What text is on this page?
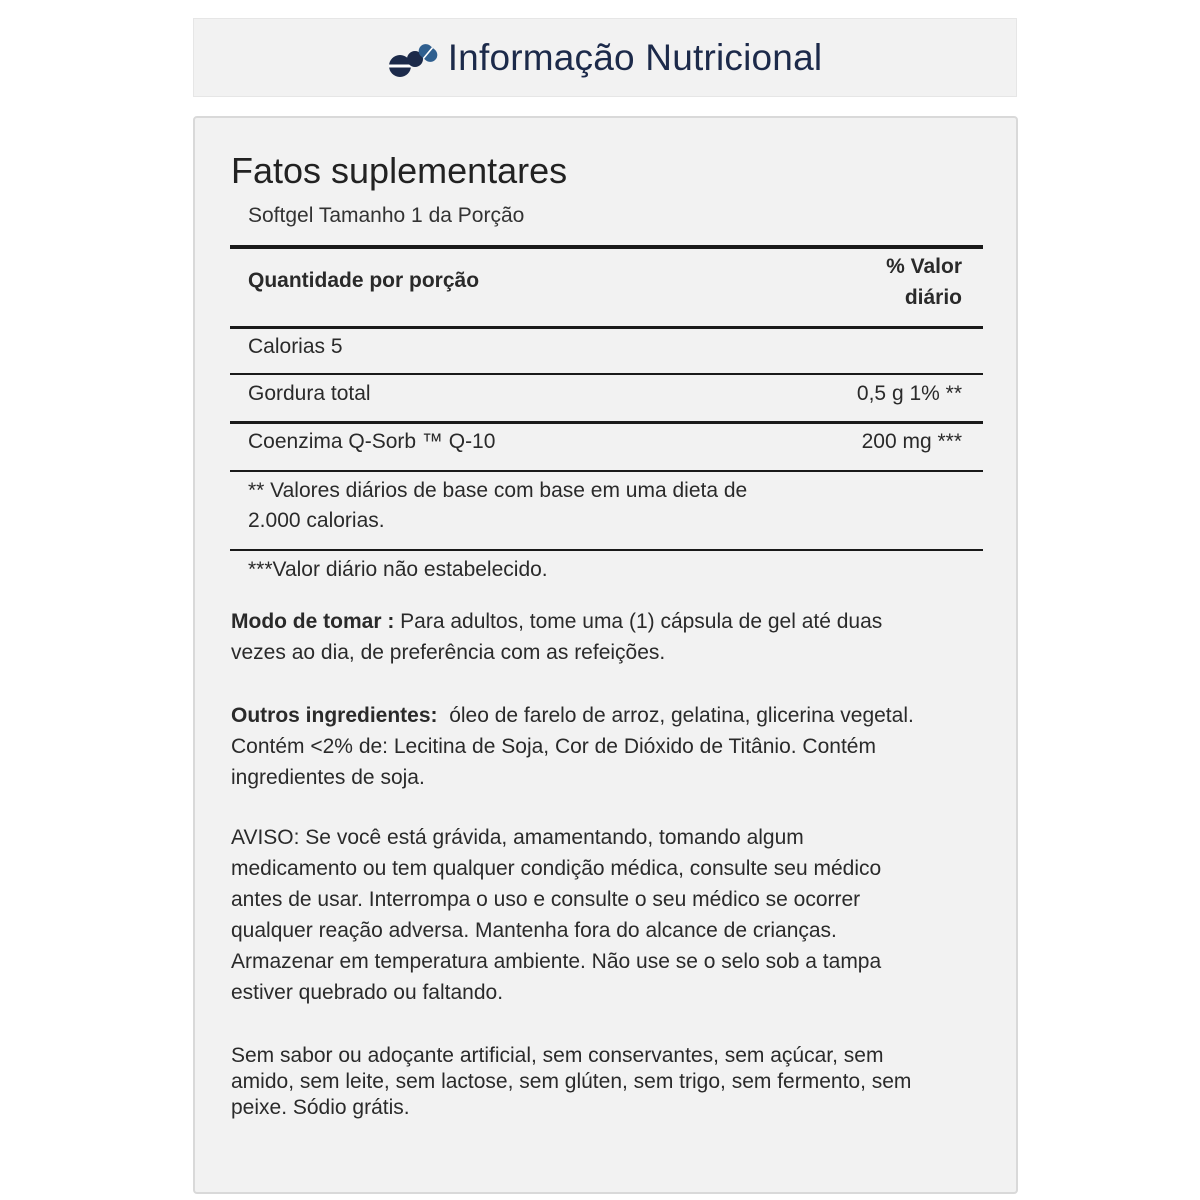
Informação Nutricional
Fatos suplementares
Softgel Tamanho 1 da Porção
Quantidade por porção
% Valor
diário
Calorias 5
Gordura total	0,5 g 1% **
Coenzima Q-Sorb ™ Q-10	200 mg ***
** Valores diários de base com base em uma dieta de
2.000 calorias.
***Valor diário não estabelecido.
Modo de tomar : Para adultos, tome uma (1) cápsula de gel até duas
vezes ao dia, de preferência com as refeições.
Outros ingredientes:  óleo de farelo de arroz, gelatina, glicerina vegetal.
Contém <2% de: Lecitina de Soja, Cor de Dióxido de Titânio. Contém
ingredientes de soja.
AVISO: Se você está grávida, amamentando, tomando algum
medicamento ou tem qualquer condição médica, consulte seu médico
antes de usar. Interrompa o uso e consulte o seu médico se ocorrer
qualquer reação adversa. Mantenha fora do alcance de crianças.
Armazenar em temperatura ambiente. Não use se o selo sob a tampa
estiver quebrado ou faltando.
Sem sabor ou adoçante artificial, sem conservantes, sem açúcar, sem
amido, sem leite, sem lactose, sem glúten, sem trigo, sem fermento, sem
peixe. Sódio grátis.
